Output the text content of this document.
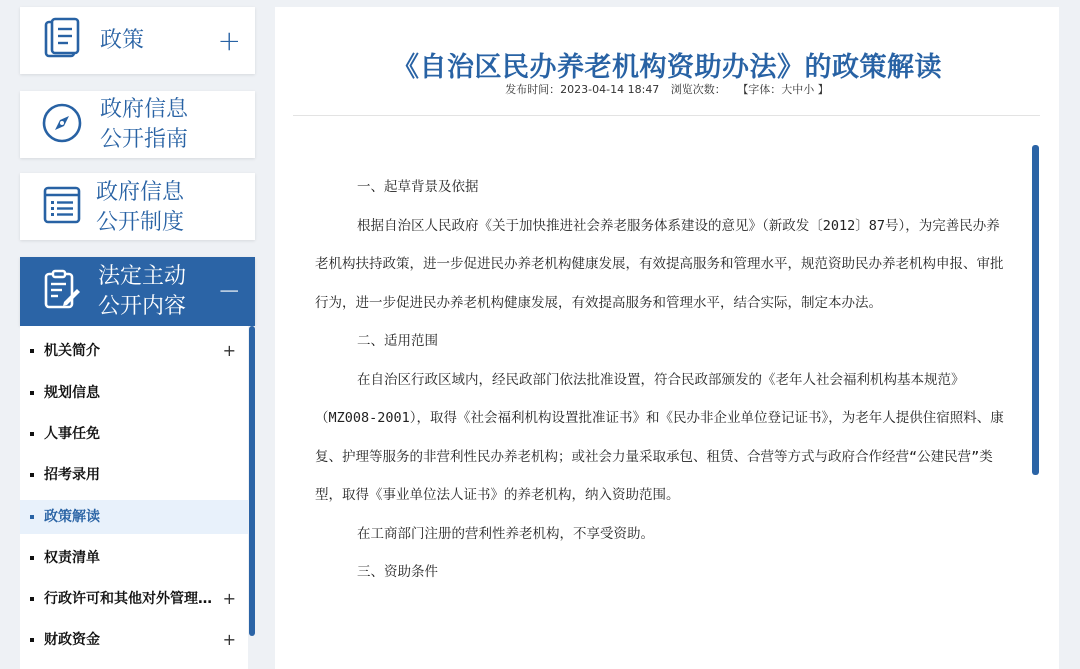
政策	+
政府信息
公开指南
政府信息
公开制度
法定主动
公开内容 −
机关简介	+
规划信息
人事任免
招考录用
政策解读
权责清单
行政许可和其他对外管理… +
财政资金	+
《自治区民办养老机构资助办法》的政策解读
发布时间：2023-04-14 18:47 浏览次数： 【字体：大中小 】

一、起草背景及依据

根据自治区人民政府《关于加快推进社会养老服务体系建设的意见》（新政发〔2012〕87号），为完善民办养老机构扶持政策，进一步促进民办养老机构健康发展，有效提高服务和管理水平，规范资助民办养老机构申报、审批行为，进一步促进民办养老机构健康发展，有效提高服务和管理水平，结合实际，制定本办法。

二、适用范围

在自治区行政区域内，经民政部门依法批准设置，符合民政部颁发的《老年人社会福利机构基本规范》（MZ008-2001），取得《社会福利机构设置批准证书》和《民办非企业单位登记证书》，为老年人提供住宿照料、康复、护理等服务的非营利性民办养老机构；或社会力量采取承包、租赁、合营等方式与政府合作经营“公建民营”类型，取得《事业单位法人证书》的养老机构，纳入资助范围。

在工商部门注册的营利性养老机构，不享受资助。

三、资助条件
